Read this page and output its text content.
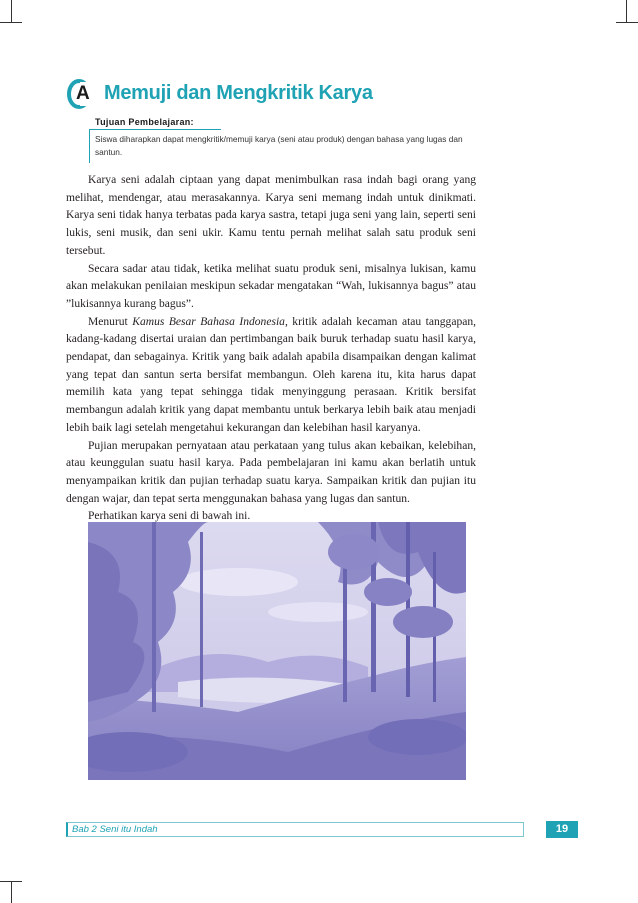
A Memuji dan Mengkritik Karya
Tujuan Pembelajaran:
Siswa diharapkan dapat mengkritik/memuji karya (seni atau produk) dengan bahasa yang lugas dan santun.

Karya seni adalah ciptaan yang dapat menimbulkan rasa indah bagi orang yang melihat, mendengar, atau merasakannya. Karya seni memang indah untuk dinikmati. Karya seni tidak hanya terbatas pada karya sastra, tetapi juga seni yang lain, seperti seni lukis, seni musik, dan seni ukir. Kamu tentu pernah melihat salah satu produk seni tersebut.

Secara sadar atau tidak, ketika melihat suatu produk seni, misalnya lukisan, kamu akan melakukan penilaian meskipun sekadar mengatakan “Wah, lukisannya bagus” atau ”lukisannya kurang bagus”.

Menurut Kamus Besar Bahasa Indonesia, kritik adalah kecaman atau tanggapan, kadang-kadang disertai uraian dan pertimbangan baik buruk terhadap suatu hasil karya, pendapat, dan sebagainya. Kritik yang baik adalah apabila disampaikan dengan kalimat yang tepat dan santun serta bersifat membangun. Oleh karena itu, kita harus dapat memilih kata yang tepat sehingga tidak menyinggung perasaan. Kritik bersifat membangun adalah kritik yang dapat membantu untuk berkarya lebih baik atau menjadi lebih baik lagi setelah mengetahui kekurangan dan kelebihan hasil karyanya.

Pujian merupakan pernyataan atau perkataan yang tulus akan kebaikan, kelebihan, atau keunggulan suatu hasil karya. Pada pembelajaran ini kamu akan berlatih untuk menyampaikan kritik dan pujian terhadap suatu karya. Sampaikan kritik dan pujian itu dengan wajar, dan tepat serta menggunakan bahasa yang lugas dan santun.

Perhatikan karya seni di bawah ini.

Bab 2 Seni itu Indah	19
